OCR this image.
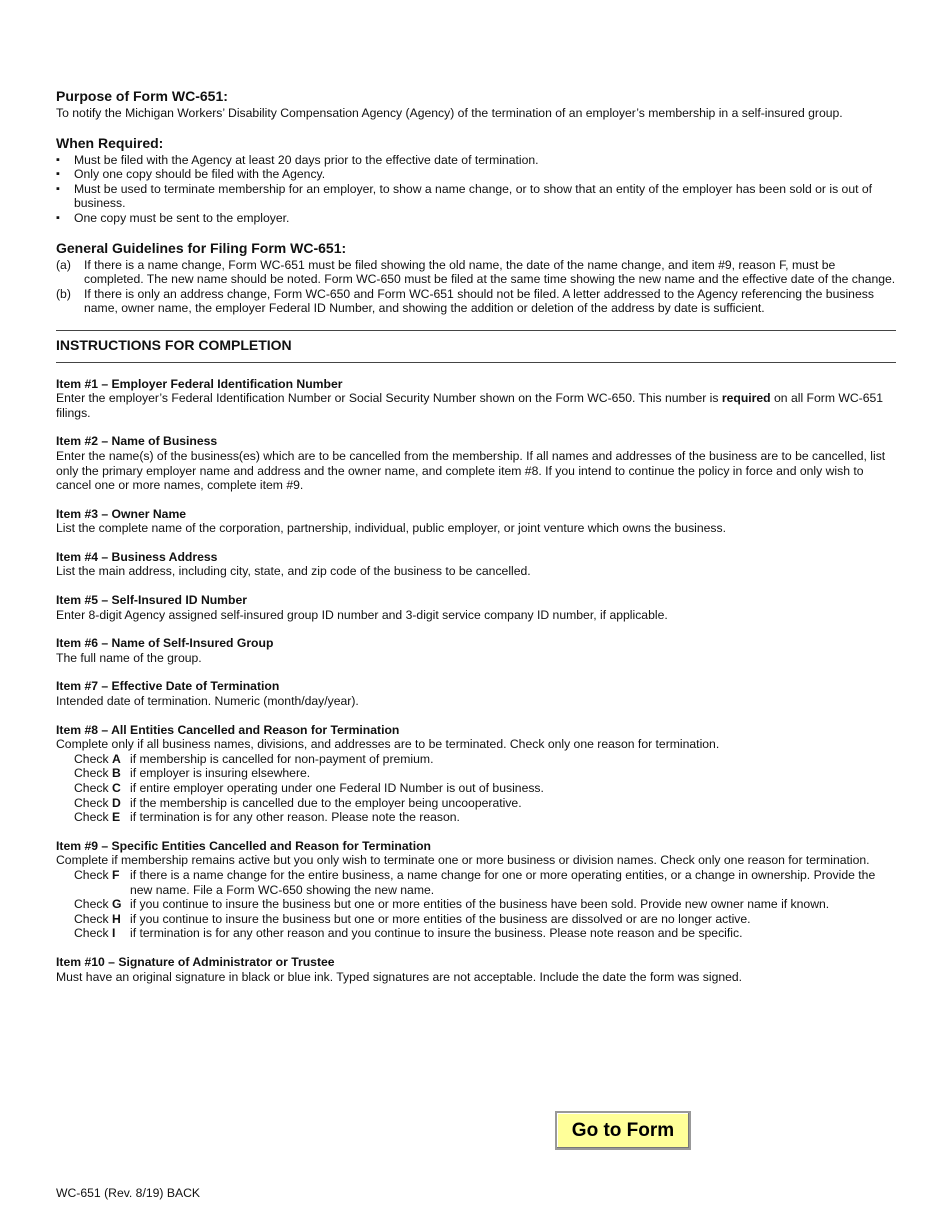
Purpose of Form WC-651:

To notify the Michigan Workers’ Disability Compensation Agency (Agency) of the termination of an employer’s membership in a self-insured group.

When Required:
▪ Must be filed with the Agency at least 20 days prior to the effective date of termination.
▪ Only one copy should be filed with the Agency.
▪ Must be used to terminate membership for an employer, to show a name change, or to show that an entity of the employer has been sold or is out of business.
▪ One copy must be sent to the employer.
General Guidelines for Filing Form WC-651:
(a)	If there is a name change, Form WC-651 must be filed showing the old name, the date of the name change, and item #9, reason F, must be completed. The new name should be noted. Form WC-650 must be filed at the same time showing the new name and the effective date of the change.
(b)	If there is only an address change, Form WC-650 and Form WC-651 should not be filed. A letter addressed to the Agency referencing the business name, owner name, the employer Federal ID Number, and showing the addition or deletion of the address by date is sufficient.
INSTRUCTIONS FOR COMPLETION
Item #1 – Employer Federal Identification Number

Enter the employer’s Federal Identification Number or Social Security Number shown on the Form WC-650. This number is required on all Form WC-651 filings.

Item #2 – Name of Business

Enter the name(s) of the business(es) which are to be cancelled from the membership. If all names and addresses of the business are to be cancelled, list only the primary employer name and address and the owner name, and complete item #8. If you intend to continue the policy in force and only wish to cancel one or more names, complete item #9.

Item #3 – Owner Name

List the complete name of the corporation, partnership, individual, public employer, or joint venture which owns the business.

Item #4 – Business Address

List the main address, including city, state, and zip code of the business to be cancelled.

Item #5 – Self-Insured ID Number

Enter 8-digit Agency assigned self-insured group ID number and 3-digit service company ID number, if applicable.

Item #6 – Name of Self-Insured Group

The full name of the group.

Item #7 – Effective Date of Termination

Intended date of termination. Numeric (month/day/year).

Item #8 – All Entities Cancelled and Reason for Termination

Complete only if all business names, divisions, and addresses are to be terminated. Check only one reason for termination.

Check A if membership is cancelled for non-payment of premium.
Check B if employer is insuring elsewhere.
Check C if entire employer operating under one Federal ID Number is out of business.
Check D if the membership is cancelled due to the employer being uncooperative.
Check E if termination is for any other reason. Please note the reason.
Item #9 – Specific Entities Cancelled and Reason for Termination

Complete if membership remains active but you only wish to terminate one or more business or division names. Check only one reason for termination.

Check F if there is a name change for the entire business, a name change for one or more operating entities, or a change in ownership. Provide the new name. File a Form WC-650 showing the new name.
Check G if you continue to insure the business but one or more entities of the business have been sold. Provide new owner name if known.
Check H if you continue to insure the business but one or more entities of the business are dissolved or are no longer active.
Check I	if termination is for any other reason and you continue to insure the business. Please note reason and be specific.
Item #10 – Signature of Administrator or Trustee

Must have an original signature in black or blue ink. Typed signatures are not acceptable. Include the date the form was signed.

Go to Form
WC-651 (Rev. 8/19) BACK
